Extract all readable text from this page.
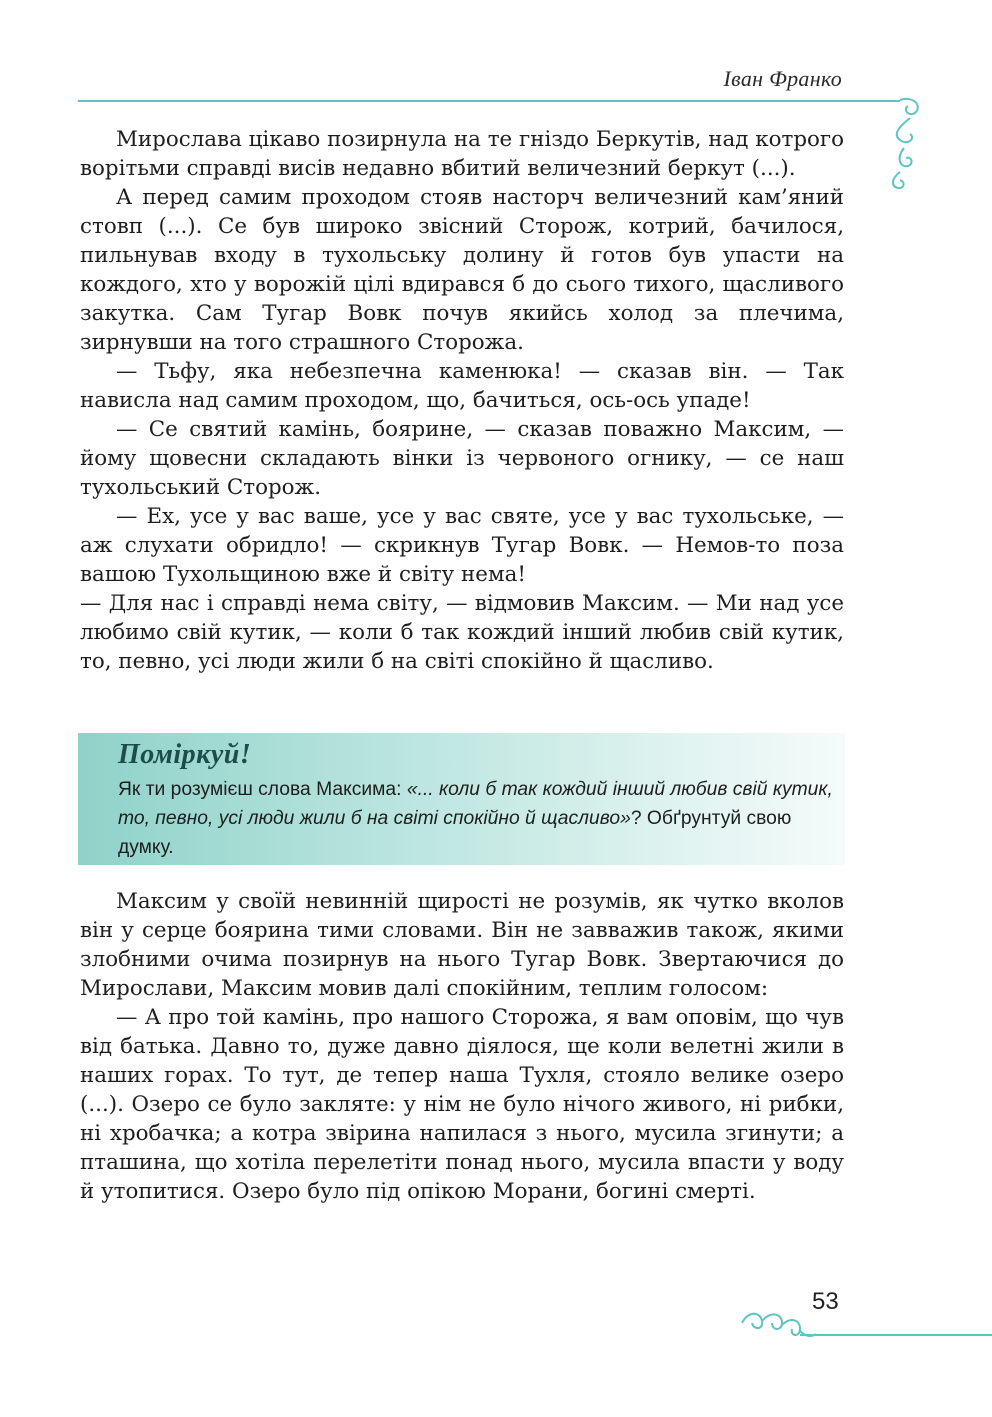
Іван Франко

Мирослава цікаво позирнула на те гніздо Беркутів, над котрого ворітьми справді висів недавно вбитий величезний беркут (...).

А перед самим проходом стояв насторч величезний кам’яний стовп (...). Се був широко звісний Сторож, котрий, бачилося, пильнував входу в тухольську долину й готов був упасти на кождого, хто у ворожій цілі вдирався б до сього тихого, щасливого закутка. Сам Тугар Вовк почув якийсь холод за плечима, зирнувши на того страшного Сторожа.

— Тьфу, яка небезпечна каменюка! — сказав він. — Так нависла над самим проходом, що, бачиться, ось-ось упаде!

— Се святий камінь, боярине, — сказав поважно Максим, — йому щовесни складають вінки із червоного огнику, — се наш тухольський Сторож.

— Ех, усе у вас ваше, усе у вас святе, усе у вас тухольське, — аж слухати обридло! — скрикнув Тугар Вовк. — Немов-то поза вашою Тухольщиною вже й світу нема!

— Для нас і справді нема світу, — відмовив Максим. — Ми над усе любимо свій кутик, — коли б так кождий інший любив свій кутик, то, певно, усі люди жили б на світі спокійно й щасливо.

Поміркуй!
Як ти розумієш слова Максима: «... коли б так кождий інший любив свій кутик, то, певно, усі люди жили б на світі спокійно й щасливо»? Обґрунтуй свою думку.

Максим у своїй невинній щирості не розумів, як чутко вколов він у серце боярина тими словами. Він не завважив також, якими злобними очима позирнув на нього Тугар Вовк. Звертаючися до Мирослави, Максим мовив далі спокійним, теплим голосом:

— А про той камінь, про нашого Сторожа, я вам оповім, що чув від батька. Давно то, дуже давно діялося, ще коли велетні жили в наших горах. То тут, де тепер наша Тухля, стояло велике озеро (...). Озеро се було закляте: у нім не було нічого живого, ні рибки, ні хробачка; а котра звірина напилася з нього, мусила згинути; а пташина, що хотіла перелетіти понад нього, мусила впасти у воду й утопитися. Озеро було під опікою Морани, богині смерті.

53
